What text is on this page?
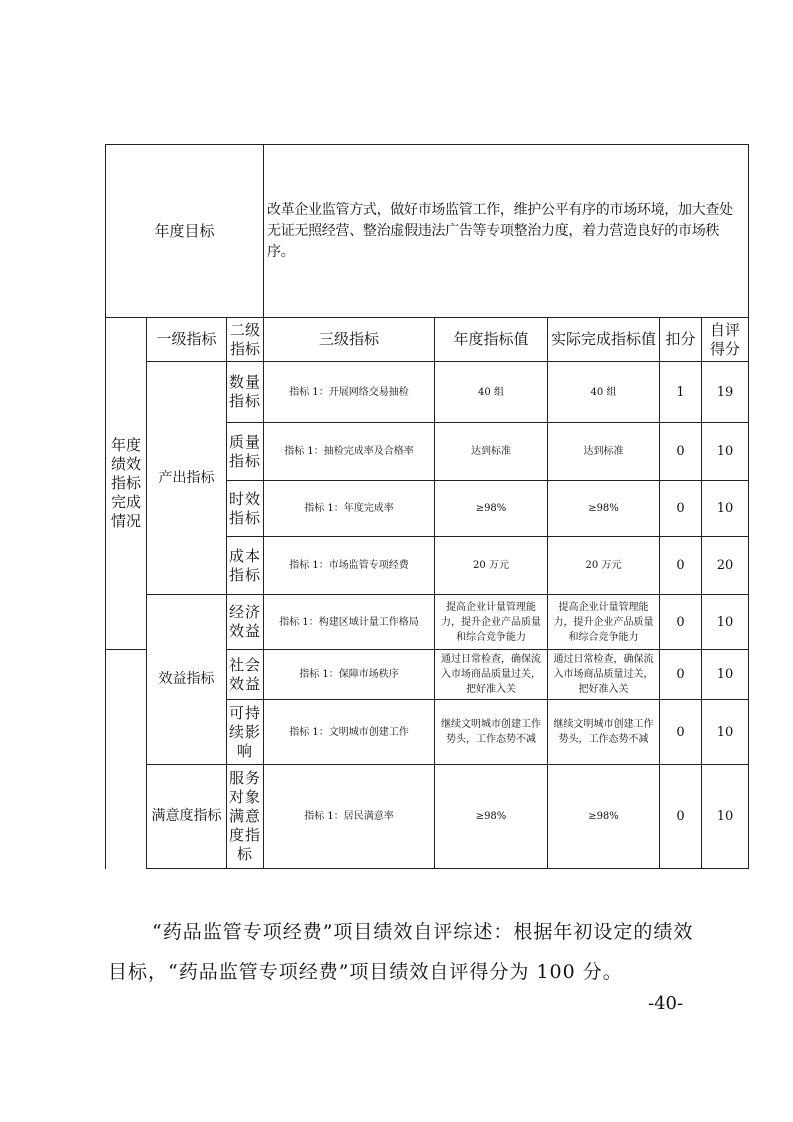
年度目标			改革企业监管方式，做好市场监管工作，维护公平有序的市场环境，加大查处无证无照经营、整治虚假违法广告等专项整治力度，着力营造良好的市场秩序。				
年度绩效指标完成情况	一级指标	二级指标	三级指标	年度指标值	实际完成指标值	扣分	自评得分
	产出指标	数量指标	指标 1：开展网络交易抽检	40 组	40 组	1	19
		质量指标	指标 1：抽检完成率及合格率	达到标准	达到标准	0	10
		时效指标	指标 1：年度完成率	≥98%	≥98%	0	10
		成本指标	指标 1：市场监管专项经费	20 万元	20 万元	0	20
	效益指标	经济效益	指标 1：构建区域计量工作格局	提高企业计量管理能力，提升企业产品质量和综合竞争能力	提高企业计量管理能力，提升企业产品质量和综合竞争能力	0	10
		社会效益	指标 1：保障市场秩序	通过日常检查，确保流入市场商品质量过关，把好准入关	通过日常检查，确保流入市场商品质量过关，把好准入关	0	10
		可持续影响	指标 1：文明城市创建工作	继续文明城市创建工作势头，工作态势不减	继续文明城市创建工作势头，工作态势不减	0	10
	满意度指标	服务对象满意度指标	指标 1：居民满意率	≥98%	≥98%	0	10
“药品监管专项经费”项目绩效自评综述：根据年初设定的绩效目标，“药品监管专项经费”项目绩效自评得分为 100 分。
-40-
